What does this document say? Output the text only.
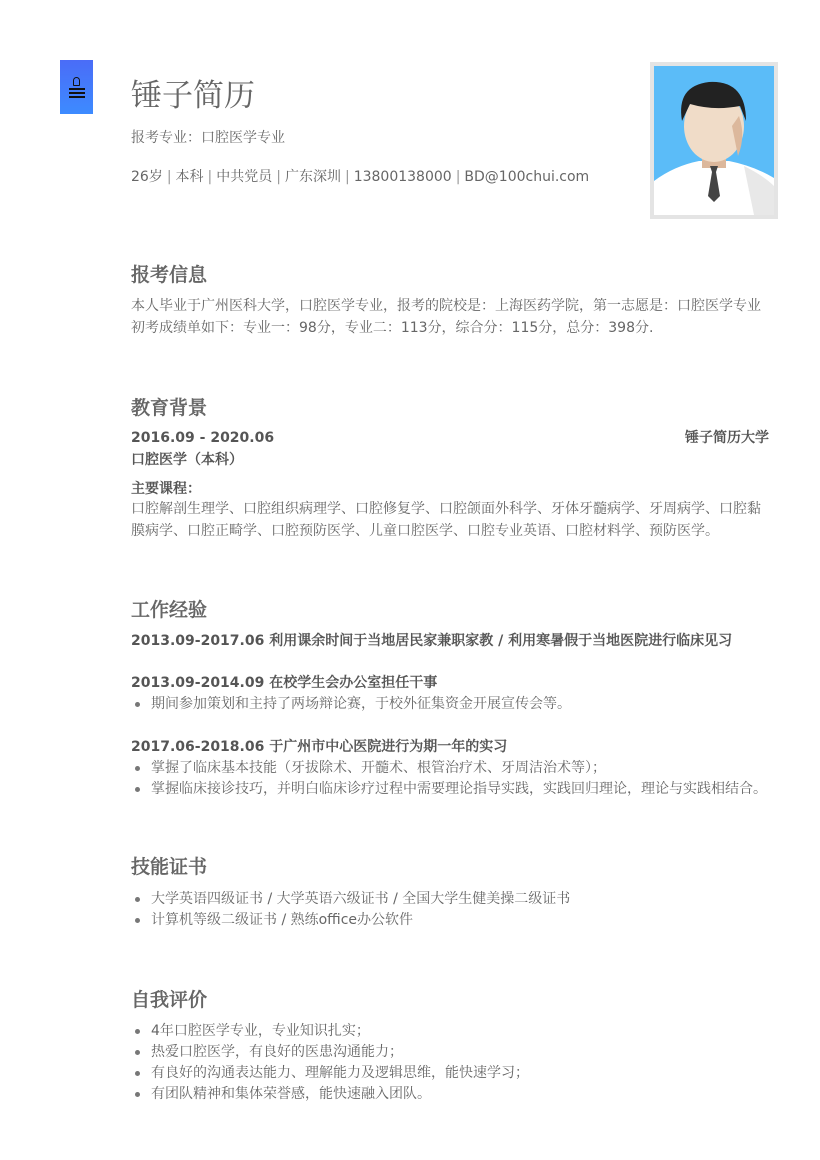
锤子简历
报考专业：口腔医学专业
26岁 | 本科 | 中共党员 | 广东深圳 | 13800138000 | BD@100chui.com
报考信息
本人毕业于广州医科大学，口腔医学专业，报考的院校是：上海医药学院，第一志愿是：口腔医学专业
初考成绩单如下：专业一：98分，专业二：113分，综合分：115分，总分：398分.
教育背景
2016.09 - 2020.06	锤子简历大学
口腔医学（本科）
主要课程：
口腔解剖生理学、口腔组织病理学、口腔修复学、口腔颌面外科学、牙体牙髓病学、牙周病学、口腔黏膜病学、口腔正畸学、口腔预防医学、儿童口腔医学、口腔专业英语、口腔材料学、预防医学。
工作经验
2013.09-2017.06 利用课余时间于当地居民家兼职家教 / 利用寒暑假于当地医院进行临床见习
2013.09-2014.09 在校学生会办公室担任干事
期间参加策划和主持了两场辩论赛，于校外征集资金开展宣传会等。
2017.06-2018.06 于广州市中心医院进行为期一年的实习
掌握了临床基本技能（牙拔除术、开髓术、根管治疗术、牙周洁治术等）；
掌握临床接诊技巧，并明白临床诊疗过程中需要理论指导实践，实践回归理论，理论与实践相结合。
技能证书
大学英语四级证书 / 大学英语六级证书 / 全国大学生健美操二级证书
计算机等级二级证书 / 熟练office办公软件
自我评价
4年口腔医学专业，专业知识扎实；
热爱口腔医学，有良好的医患沟通能力；
有良好的沟通表达能力、理解能力及逻辑思维，能快速学习；
有团队精神和集体荣誉感，能快速融入团队。
